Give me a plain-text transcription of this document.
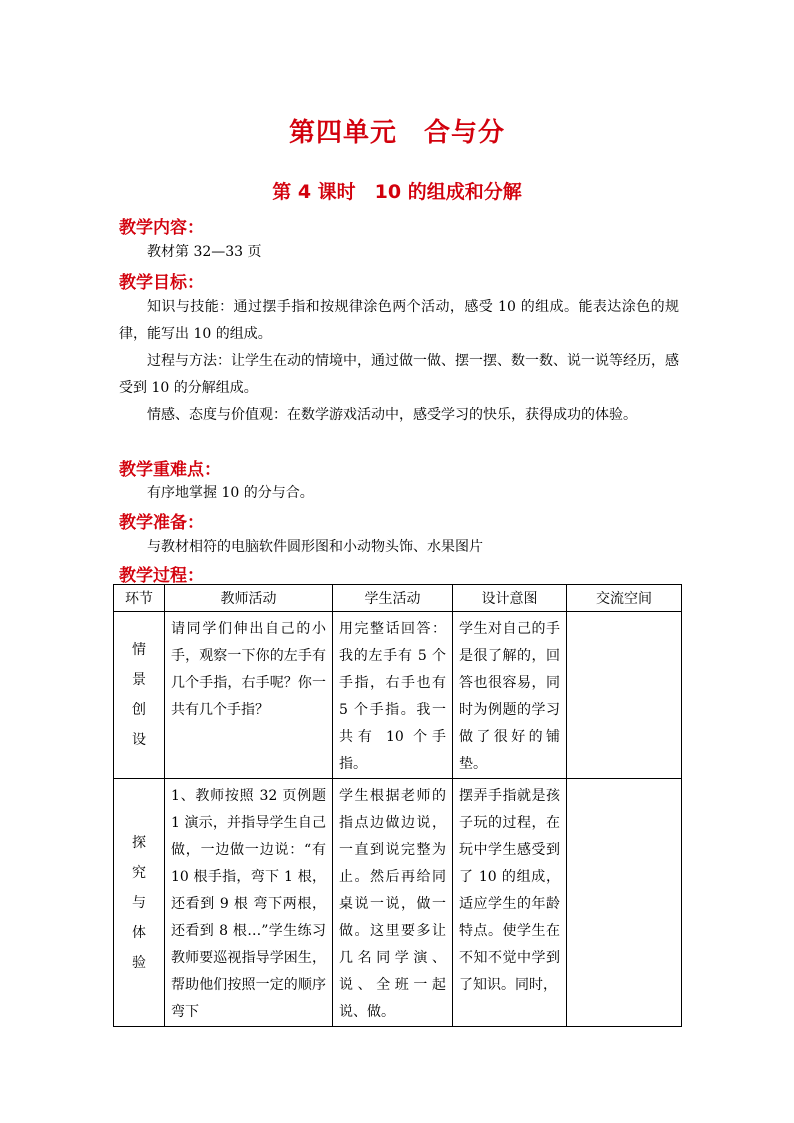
第四单元　合与分
第 4 课时　10 的组成和分解
教学内容：
教材第 32—33 页
教学目标：
知识与技能：通过摆手指和按规律涂色两个活动，感受 10 的组成。能表达涂色的规律，能写出 10 的组成。
过程与方法：让学生在动的情境中，通过做一做、摆一摆、数一数、说一说等经历，感受到 10 的分解组成。
情感、态度与价值观：在数学游戏活动中，感受学习的快乐，获得成功的体验。
教学重难点：
有序地掌握 10 的分与合。
教学准备：
与教材相符的电脑软件圆形图和小动物头饰、水果图片
教学过程：
环节	教师活动	学生活动	设计意图	交流空间

情景创设	请同学们伸出自己的小手，观察一下你的左手有几个手指，右手呢？你一共有几个手指？	用完整话回答：我的左手有 5 个手指，右手也有 5 个手指。我一共有 10 个手指。	学生对自己的手是很了解的，回答也很容易，同时为例题的学习做了很好的铺垫。	

探究与体验	1、教师按照 32 页例题 1 演示，并指导学生自己做，一边做一边说：“有 10 根手指，弯下 1 根，还看到 9 根 弯下两根，还看到 8 根…”学生练习教师要巡视指导学困生，帮助他们按照一定的顺序弯下	学生根据老师的指点边做边说，一直到说完整为止。然后再给同桌说一说，做一做。这里要多让几名同学演、说、全班一起说、做。	摆弄手指就是孩子玩的过程，在玩中学生感受到了 10 的组成，适应学生的年龄特点。使学生在不知不觉中学到了知识。同时，	
